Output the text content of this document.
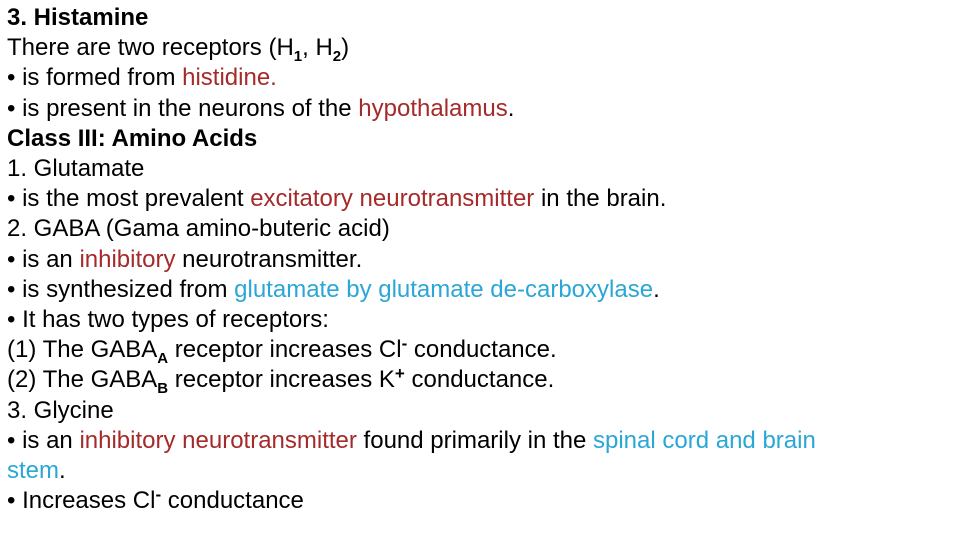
3. Histamine
There are two receptors ($H_1$, $H_2$)
• is formed from histidine.
• is present in the neurons of the hypothalamus.
Class III: Amino Acids
1. Glutamate
• is the most prevalent excitatory neurotransmitter in the brain.
2. GABA (Gama amino-buteric acid)
• is an inhibitory neurotransmitter.
• is synthesized from glutamate by glutamate de-carboxylase.
• It has two types of receptors:
(1) The $GABA_A$ receptor increases Cl- conductance.
(2) The $GABA_B$ receptor increases K+ conductance.
3. Glycine
• is an inhibitory neurotransmitter found primarily in the spinal cord and brain
stem.
• Increases Cl- conductance
